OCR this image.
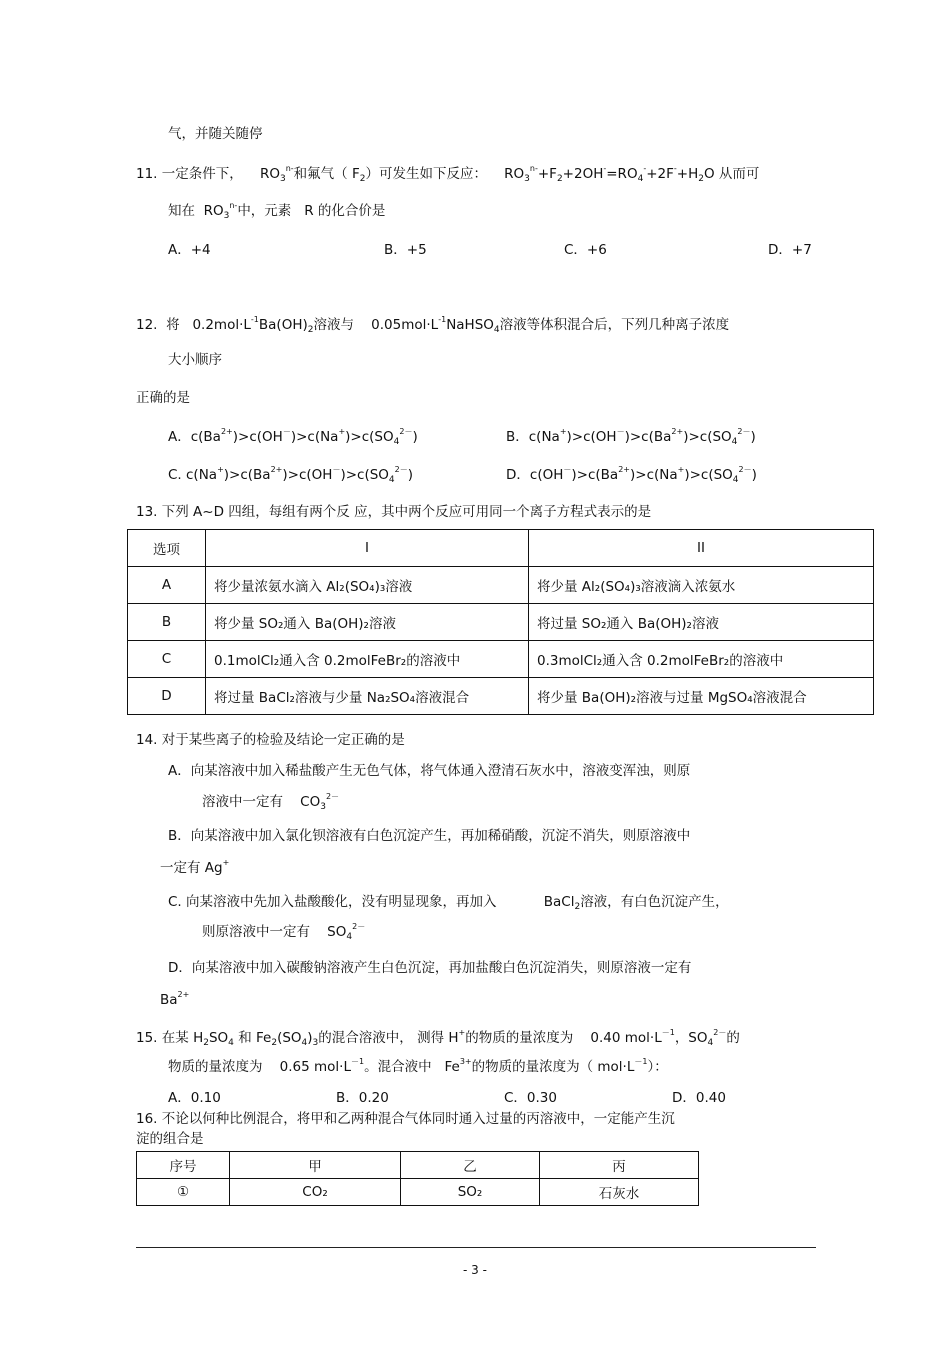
气，并随关随停
11. 一定条件下， $RO_3^{n-}$和氟气（ $F_2$）可发生如下反应： $RO_3^{n-}+F_2+2OH^-=RO_4^-+2F^-+H_2O$ 从而可
知在 $RO_3^{n-}$中，元素 R 的化合价是
A．+4	B．+5	C．+6	D．+7
12. 将 $0.2mol\cdot L^{-1}Ba(OH)_2$溶液与 $0.05mol\cdot L^{-1}NaHSO_4$溶液等体积混合后，下列几种离子浓度
大小顺序
正确的是
A．$c(Ba^{2+})>c(OH^-)>c(Na^+)>c(SO_4^{2-})$	B．$c(Na^+)>c(OH^-)>c(Ba^{2+})>c(SO_4^{2-})$
C. $c(Na^+)>c(Ba^{2+})>c(OH^-)>c(SO_4^{2-})$	D．$c(OH^-)>c(Ba^{2+})>c(Na^+)>c(SO_4^{2-})$
13. 下列 A~D 四组，每组有两个反 应，其中两个反应可用同一个离子方程式表示的是
选项	I	II
A	将少量浓氨水滴入 Al₂(SO₄)₃溶液	将少量 Al₂(SO₄)₃溶液滴入浓氨水
B	将少量 SO₂通入 Ba(OH)₂溶液	将过量 SO₂通入 Ba(OH)₂溶液
C	0.1molCl₂通入含 0.2molFeBr₂的溶液中	0.3molCl₂通入含 0.2molFeBr₂的溶液中
D	将过量 BaCl₂溶液与少量 Na₂SO₄溶液混合	将少量 Ba(OH)₂溶液与过量 MgSO₄溶液混合
14. 对于某些离子的检验及结论一定正确的是
A．向某溶液中加入稀盐酸产生无色气体，将气体通入澄清石灰水中，溶液变浑浊，则原
溶液中一定有    $CO_3^{2-}$
B．向某溶液中加入氯化钡溶液有白色沉淀产生，再加稀硝酸，沉淀不消失，则原溶液中
一定有 Ag+
C. 向某溶液中先加入盐酸酸化，没有明显现象，再加入	BaCl$_2$溶液，有白色沉淀产生，
则原溶液中一定有    $SO_4^{2-}$
D．向某溶液中加入碳酸钠溶液产生白色沉淀，再加盐酸白色沉淀消失，则原溶液一定有
$Ba^{2+}$
15. 在某 $H_2SO_4$ 和 $Fe_2(SO_4)_3$的混合溶液中， 测得 H+的物质的量浓度为 0.40 $mol\cdot L^{-1}$，$SO_4^{2-}$的
物质的量浓度为 0.65 $mol\cdot L^{-1}$。混合液中 $Fe^{3+}$的物质的量浓度为（ $mol\cdot L^{-1}$）：
A．0.10	B．0.20	C．0.30	D．0.40
16. 不论以何种比例混合，将甲和乙两种混合气体同时通入过量的丙溶液中，一定能产生沉
淀的组合是
序号	甲	乙	丙
①	CO₂	SO₂	石灰水
- 3 -
